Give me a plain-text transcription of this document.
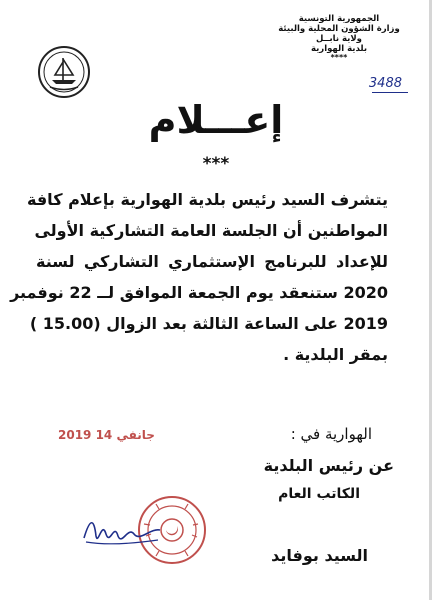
الجمهورية التونسية
وزارة الشؤون المحلية والبيئة
ولاية نابــل
بلدية الهوارية
****
3488
إعـــلام
***
يتشرف السيد رئيس بلدية الهوارية بإعلام كافة
المواطنين أن الجلسة العامة التشاركية الأولى
للإعداد للبرنامج الإستثماري التشاركي لسنة
2020 ستنعقد يوم الجمعة الموافق لــ 22 نوفمبر
2019 على الساعة الثالثة بعد الزوال (15.00 )
بمقر البلدية .
الهوارية في :
2019 جانفي 14
عن رئيس البلدية
الكاتب العام
السيد بوفايد
